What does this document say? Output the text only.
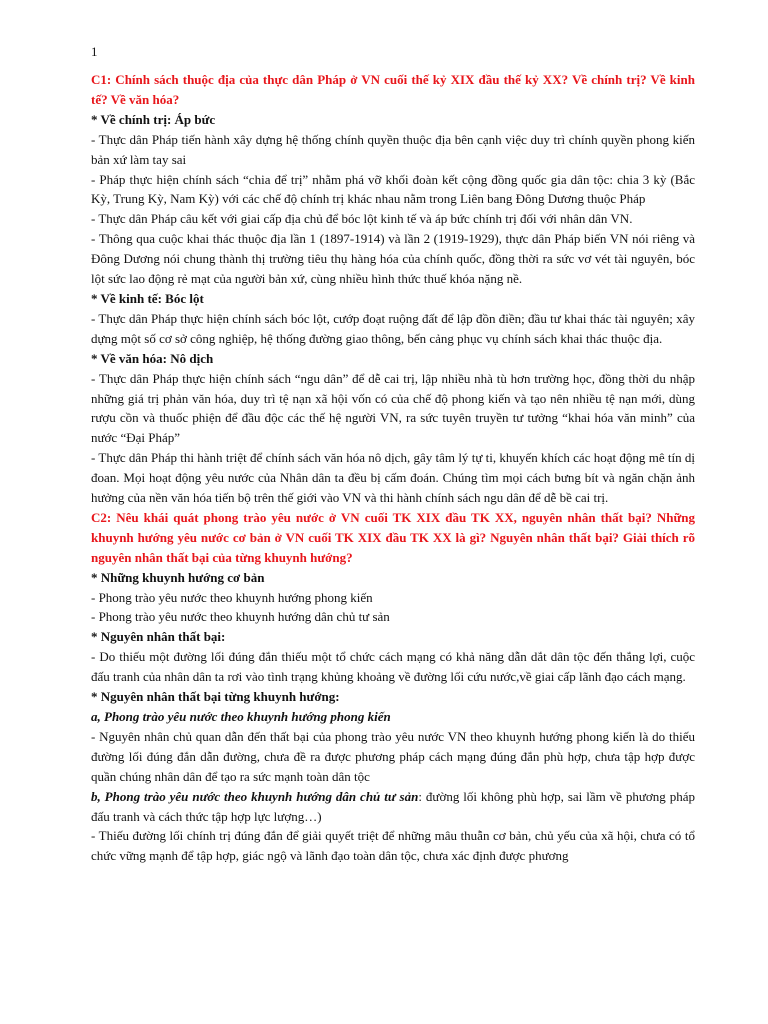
1

C1: Chính sách thuộc địa của thực dân Pháp ở VN cuối thế kỷ XIX đầu thế kỷ XX? Về chính trị? Về kinh tế? Về văn hóa?

* Về chính trị: Áp bức

- Thực dân Pháp tiến hành xây dựng hệ thống chính quyền thuộc địa bên cạnh việc duy trì chính quyền phong kiến bản xứ làm tay sai

- Pháp thực hiện chính sách “chia để trị” nhằm phá vỡ khối đoàn kết cộng đồng quốc gia dân tộc: chia 3 kỳ (Bắc Kỳ, Trung Kỳ, Nam Kỳ) với các chế độ chính trị khác nhau nằm trong Liên bang Đông Dương thuộc Pháp

- Thực dân Pháp câu kết với giai cấp địa chủ để bóc lột kinh tế và áp bức chính trị đối với nhân dân VN.

- Thông qua cuộc khai thác thuộc địa lần 1 (1897-1914) và lần 2 (1919-1929), thực dân Pháp biến VN nói riêng và Đông Dương nói chung thành thị trường tiêu thụ hàng hóa của chính quốc, đồng thời ra sức vơ vét tài nguyên, bóc lột sức lao động rẻ mạt của người bản xứ, cùng nhiều hình thức thuế khóa nặng nề.

* Về kinh tế: Bóc lột

- Thực dân Pháp thực hiện chính sách bóc lột, cướp đoạt ruộng đất để lập đồn điền; đầu tư khai thác tài nguyên; xây dựng một số cơ sở công nghiệp, hệ thống đường giao thông, bến cảng phục vụ chính sách khai thác thuộc địa.

* Về văn hóa: Nô dịch

- Thực dân Pháp thực hiện chính sách “ngu dân” để dễ cai trị, lập nhiều nhà tù hơn trường học, đồng thời du nhập những giá trị phản văn hóa, duy trì tệ nạn xã hội vốn có của chế độ phong kiến và tạo nên nhiều tệ nạn mới, dùng rượu cồn và thuốc phiện để đầu độc các thế hệ người VN, ra sức tuyên truyền tư tưởng “khai hóa văn minh” của nước “Đại Pháp”

- Thực dân Pháp thi hành triệt để chính sách văn hóa nô dịch, gây tâm lý tự ti, khuyến khích các hoạt động mê tín dị đoan. Mọi hoạt động yêu nước của Nhân dân ta đều bị cấm đoán. Chúng tìm mọi cách bưng bít và ngăn chặn ảnh hưởng của nền văn hóa tiến bộ trên thế giới vào VN và thi hành chính sách ngu dân để dễ bề cai trị.

C2: Nêu khái quát phong trào yêu nước ở VN cuối TK XIX đầu TK XX, nguyên nhân thất bại? Những khuynh hướng yêu nước cơ bản ở VN cuối TK XIX đầu TK XX là gì? Nguyên nhân thất bại? Giải thích rõ nguyên nhân thất bại của từng khuynh hướng?

* Những khuynh hướng cơ bản

- Phong trào yêu nước theo khuynh hướng phong kiến

- Phong trào yêu nước theo khuynh hướng dân chủ tư sản

* Nguyên nhân thất bại:

- Do thiếu một đường lối đúng đắn thiếu một tổ chức cách mạng có khả năng dẫn dắt dân tộc đến thắng lợi, cuộc đấu tranh của nhân dân ta rơi vào tình trạng khủng khoảng về đường lối cứu nước,về giai cấp lãnh đạo cách mạng.

* Nguyên nhân thất bại từng khuynh hướng:

a, Phong trào yêu nước theo khuynh hướng phong kiến

- Nguyên nhân chủ quan dẫn đến thất bại của phong trào yêu nước VN theo khuynh hướng phong kiến là do thiếu đường lối đúng đắn dẫn đường, chưa đề ra được phương pháp cách mạng đúng đắn phù hợp, chưa tập hợp được quần chúng nhân dân để tạo ra sức mạnh toàn dân tộc

b, Phong trào yêu nước theo khuynh hướng dân chủ tư sản: đường lối không phù hợp, sai lầm về phương pháp đấu tranh và cách thức tập hợp lực lượng…)

- Thiếu đường lối chính trị đúng đắn để giải quyết triệt để những mâu thuẫn cơ bản, chủ yếu của xã hội, chưa có tổ chức vững mạnh để tập hợp, giác ngộ và lãnh đạo toàn dân tộc, chưa xác định được phương
